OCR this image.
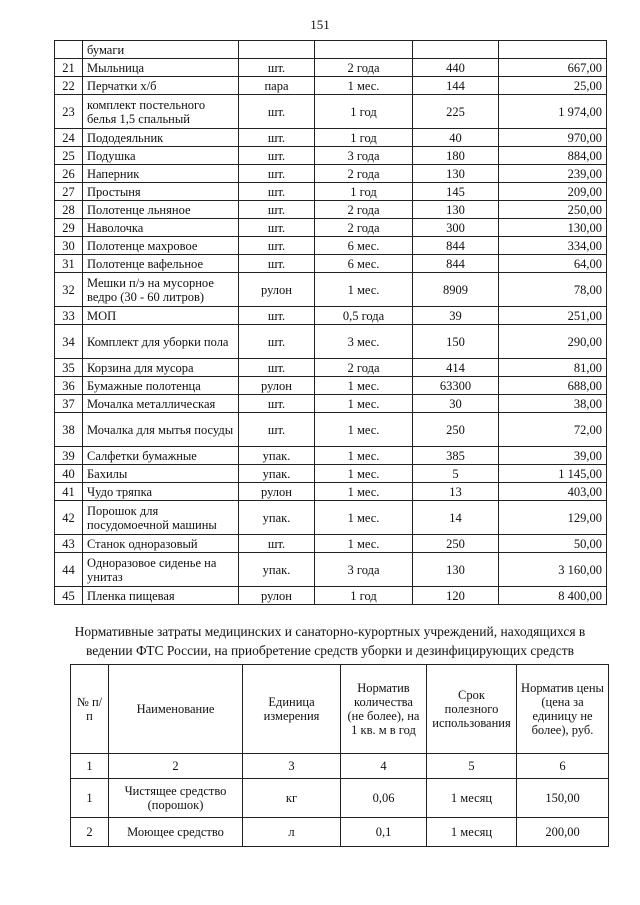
151
	бумаги				
21	Мыльница	шт.	2 года	440	667,00
22	Перчатки х/б	пара	1 мес.	144	25,00
23	комплект постельного белья 1,5 спальный	шт.	1 год	225	1 974,00
24	Пододеяльник	шт.	1 год	40	970,00
25	Подушка	шт.	3 года	180	884,00
26	Наперник	шт.	2 года	130	239,00
27	Простыня	шт.	1 год	145	209,00
28	Полотенце льняное	шт.	2 года	130	250,00
29	Наволочка	шт.	2 года	300	130,00
30	Полотенце махровое	шт.	6 мес.	844	334,00
31	Полотенце вафельное	шт.	6 мес.	844	64,00
32	Мешки п/э на мусорное ведро (30 - 60 литров)	рулон	1 мес.	8909	78,00
33	МОП	шт.	0,5 года	39	251,00
34	Комплект для уборки пола	шт.	3 мес.	150	290,00
35	Корзина для мусора	шт.	2 года	414	81,00
36	Бумажные полотенца	рулон	1 мес.	63300	688,00
37	Мочалка металлическая	шт.	1 мес.	30	38,00
38	Мочалка для мытья посуды	шт.	1 мес.	250	72,00
39	Салфетки бумажные	упак.	1 мес.	385	39,00
40	Бахилы	упак.	1 мес.	5	1 145,00
41	Чудо тряпка	рулон	1 мес.	13	403,00
42	Порошок для посудомоечной машины	упак.	1 мес.	14	129,00
43	Станок одноразовый	шт.	1 мес.	250	50,00
44	Одноразовое сиденье на унитаз	упак.	3 года	130	3 160,00
45	Пленка пищевая	рулон	1 год	120	8 400,00
Нормативные затраты медицинских и санаторно-курортных учреждений, находящихся в ведении ФТС России, на приобретение средств уборки и дезинфицирующих средств
№ п/п	Наименование	Единица измерения	Норматив количества (не более), на 1 кв. м в год	Срок полезного использования	Норматив цены (цена за единицу не более), руб.
1	2	3	4	5	6
1	Чистящее средство (порошок)	кг	0,06	1 месяц	150,00
2	Моющее средство	л	0,1	1 месяц	200,00
